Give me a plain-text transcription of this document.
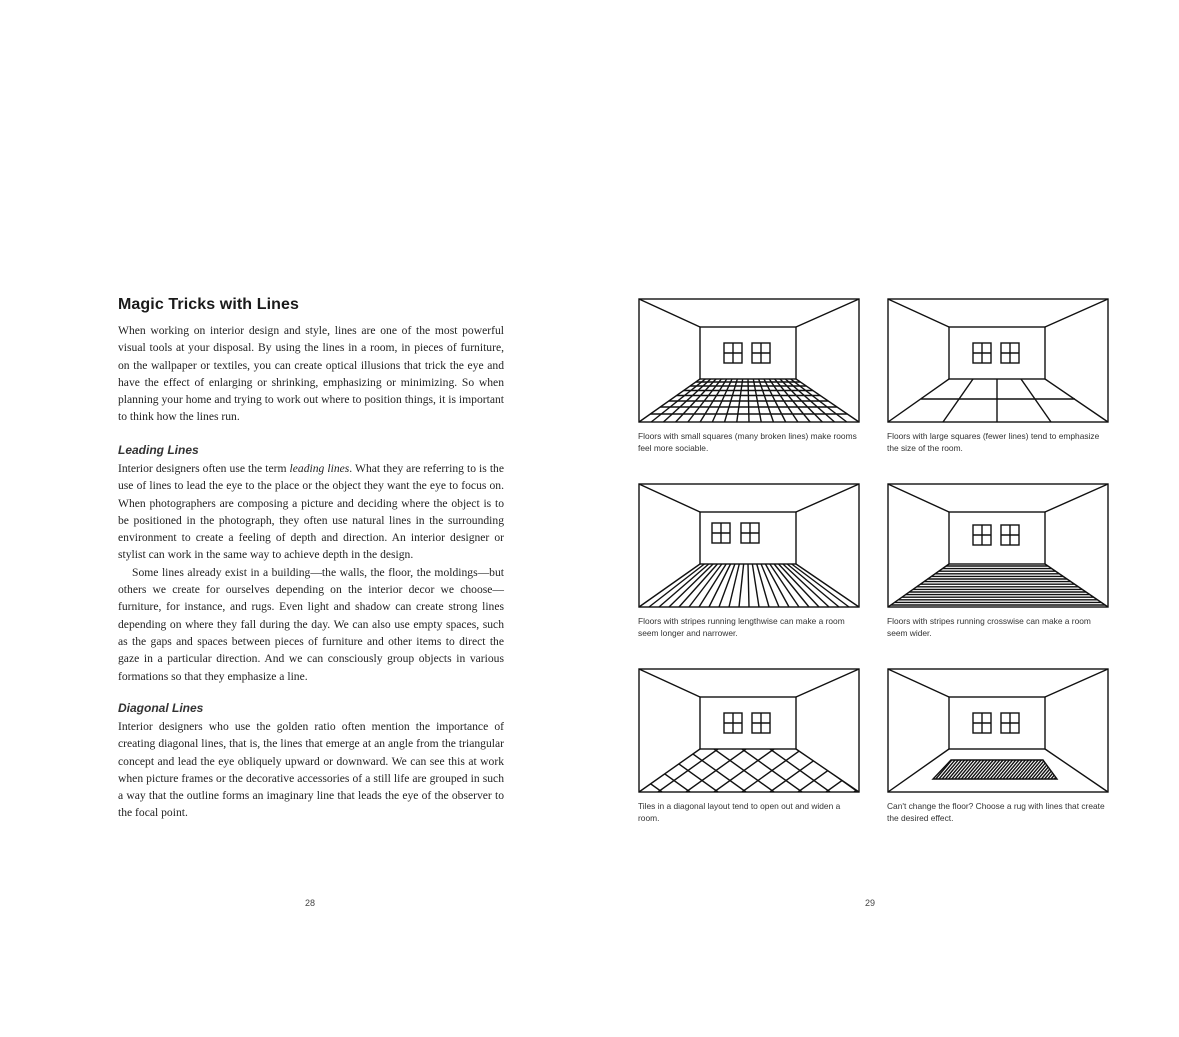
Magic Tricks with Lines

When working on interior design and style, lines are one of the most powerful visual tools at your disposal. By using the lines in a room, in pieces of furniture, on the wallpaper or textiles, you can create optical illusions that trick the eye and have the effect of enlarging or shrinking, emphasizing or minimizing. So when planning your home and trying to work out where to position things, it is important to think how the lines run.

Leading Lines

Interior designers often use the term leading lines. What they are referring to is the use of lines to lead the eye to the place or the object they want the eye to focus on. When photographers are composing a picture and deciding where the object is to be positioned in the photograph, they often use natural lines in the surrounding environment to create a feeling of depth and direction. An interior designer or stylist can work in the same way to achieve depth in the design.

Some lines already exist in a building—the walls, the floor, the moldings—but others we create for ourselves depending on the interior decor we choose—furniture, for instance, and rugs. Even light and shadow can create strong lines depending on where they fall during the day. We can also use empty spaces, such as the gaps and spaces between pieces of furniture and other items to direct the gaze in a particular direction. And we can consciously group objects in various formations so that they emphasize a line.

Diagonal Lines

Interior designers who use the golden ratio often mention the importance of creating diagonal lines, that is, the lines that emerge at an angle from the triangular concept and lead the eye obliquely upward or downward. We can see this at work when picture frames or the decorative accessories of a still life are grouped in such a way that the outline forms an imaginary line that leads the eye of the observer to the focal point.

28
Floors with small squares (many broken lines) make rooms feel more sociable.
Floors with large squares (fewer lines) tend to emphasize the size of the room.
Floors with stripes running lengthwise can make a room seem longer and narrower.
Floors with stripes running crosswise can make a room seem wider.
Tiles in a diagonal layout tend to open out and widen a room.
Can't change the floor? Choose a rug with lines that create the desired effect.
29
